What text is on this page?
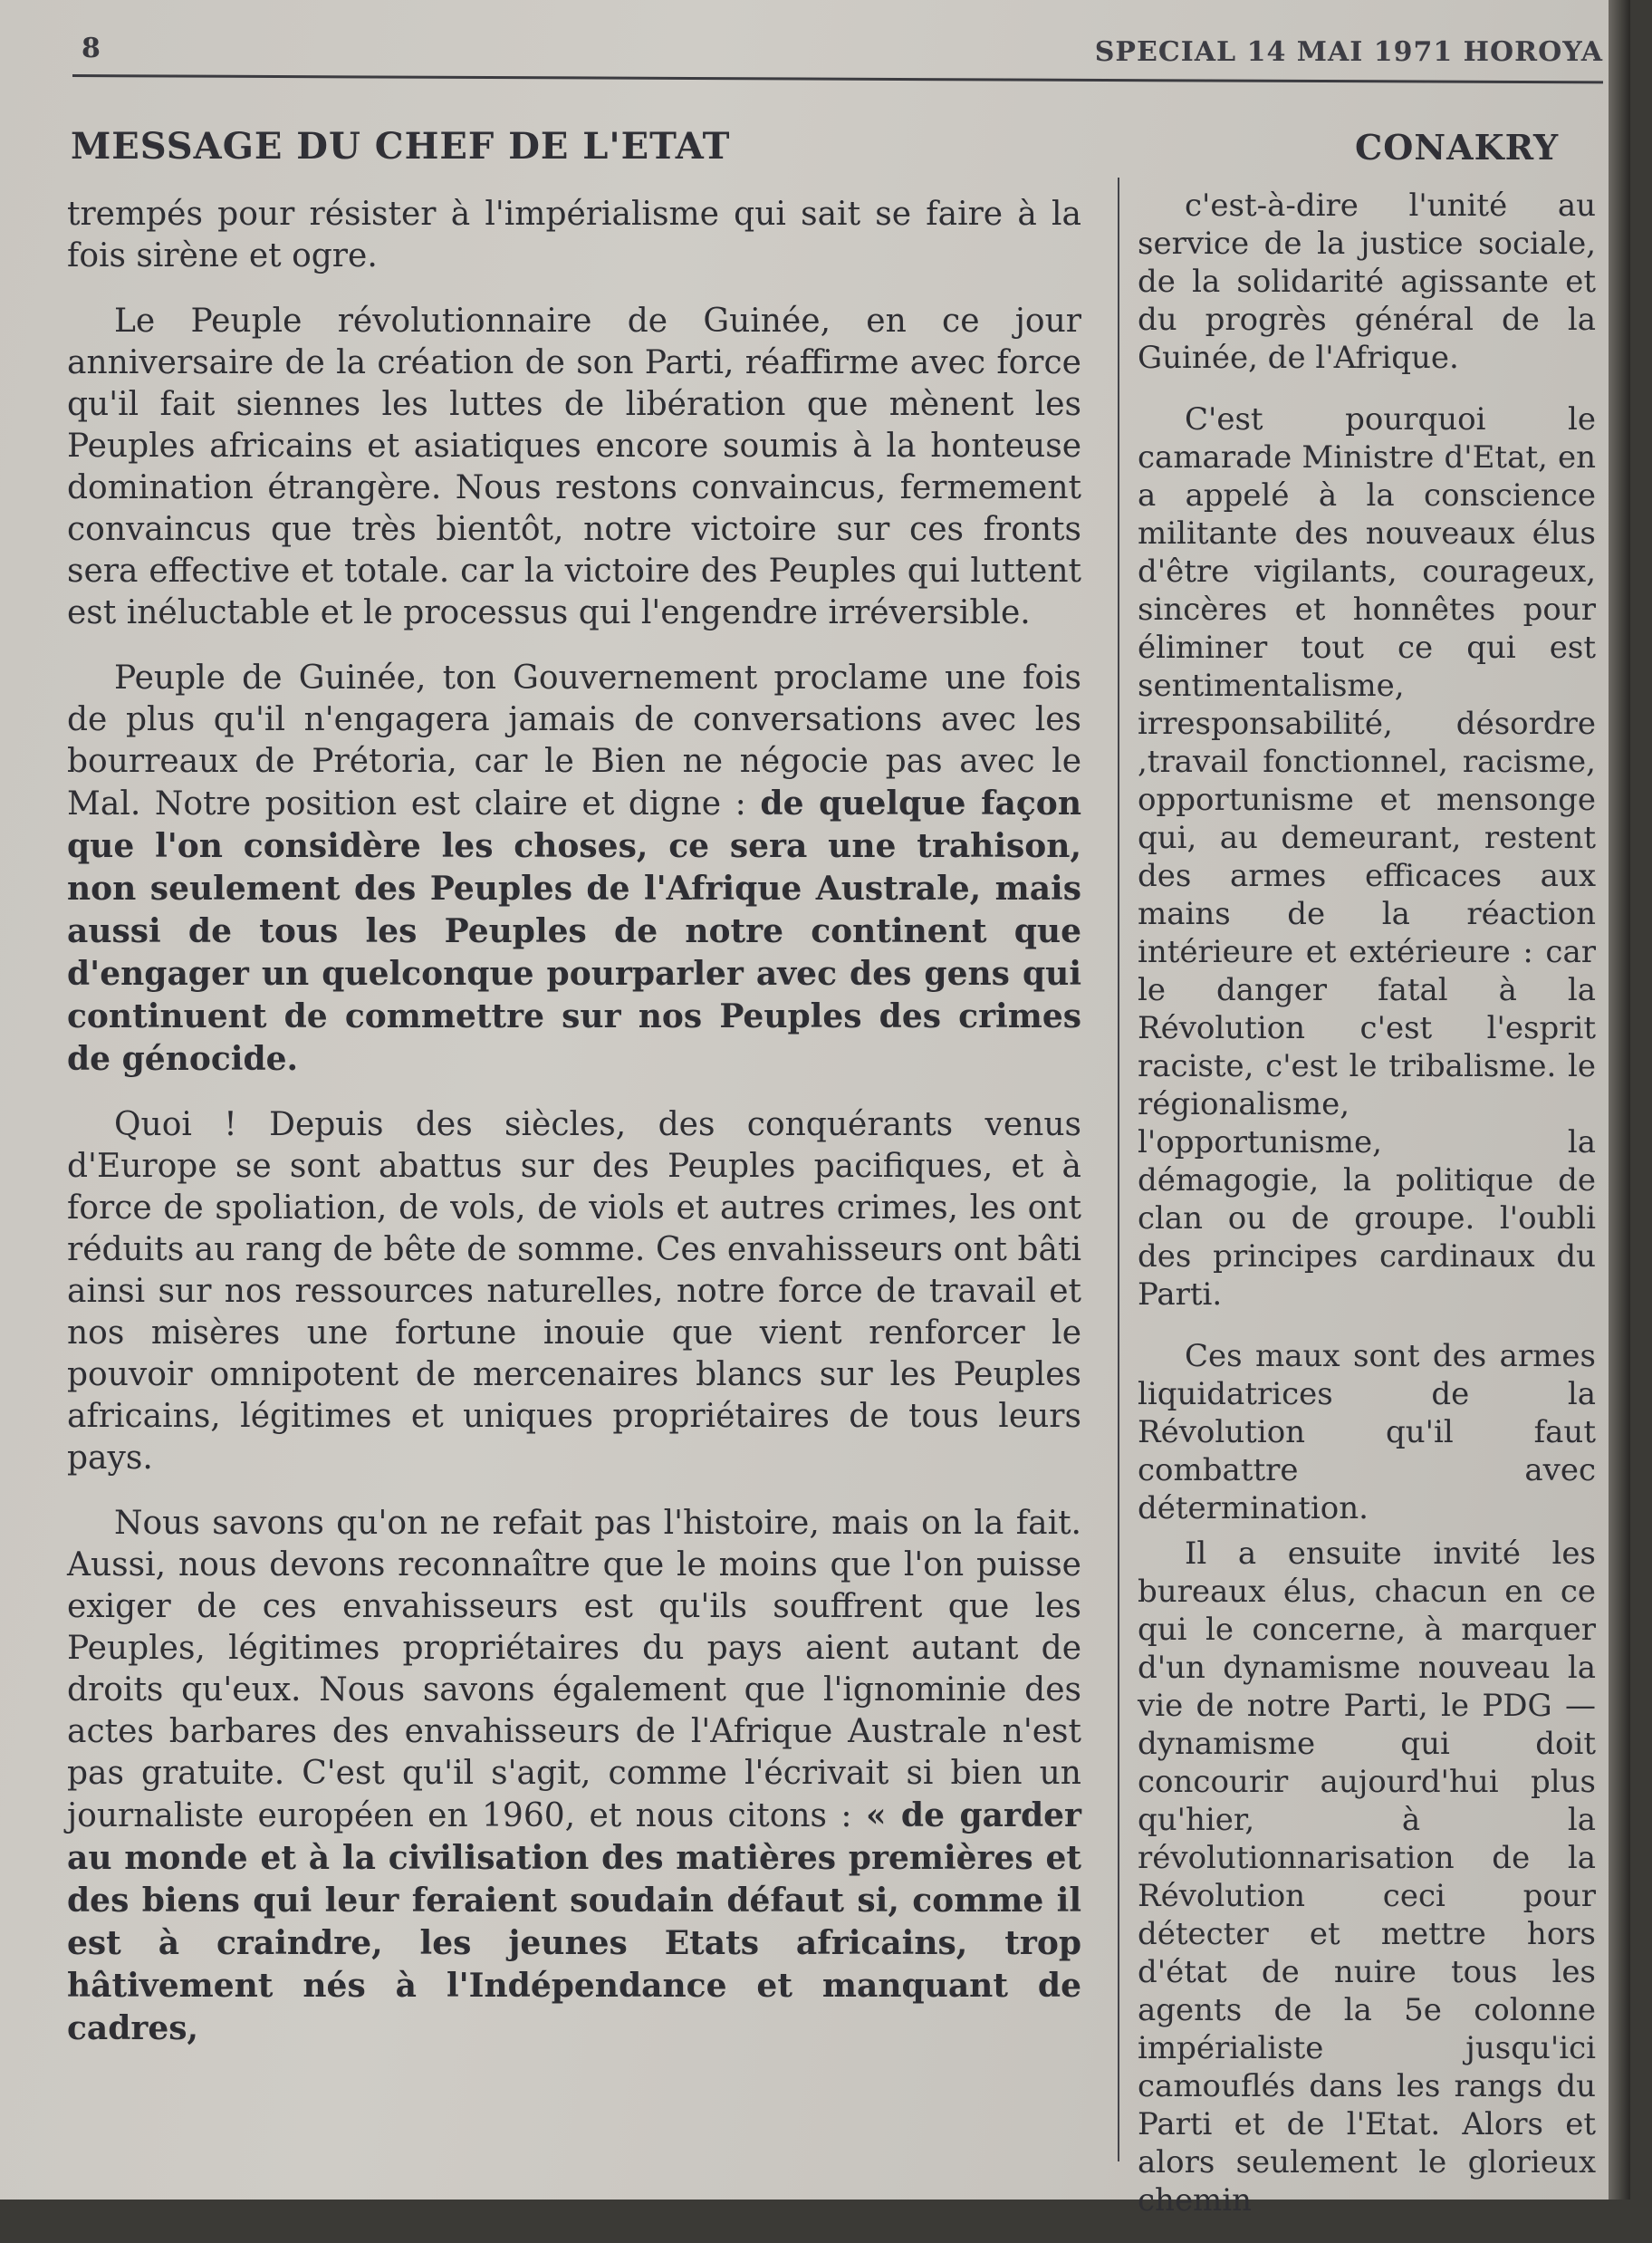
8	SPECIAL 14 MAI 1971 HOROYA
MESSAGE DU CHEF DE L'ETAT	CONAKRY

trempés pour résister à l'impérialisme qui sait se faire à la fois sirène et ogre.

Le Peuple révolutionnaire de Guinée, en ce jour anniversaire de la création de son Parti, réaffirme avec force qu'il fait siennes les luttes de libération que mènent les Peuples africains et asiatiques encore soumis à la honteuse domination étrangère. Nous restons convaincus, fermement convaincus que très bientôt, notre victoire sur ces fronts sera effective et totale. car la victoire des Peuples qui luttent est inéluctable et le processus qui l'engendre irréversible.

Peuple de Guinée, ton Gouvernement proclame une fois de plus qu'il n'engagera jamais de conversations avec les bourreaux de Prétoria, car le Bien ne négocie pas avec le Mal. Notre position est claire et digne : de quelque façon que l'on considère les choses, ce sera une trahison, non seulement des Peuples de l'Afrique Australe, mais aussi de tous les Peuples de notre continent que d'engager un quelconque pourparler avec des gens qui continuent de commettre sur nos Peuples des crimes de génocide.

Quoi ! Depuis des siècles, des conquérants venus d'Europe se sont abattus sur des Peuples pacifiques, et à force de spoliation, de vols, de viols et autres crimes, les ont réduits au rang de bête de somme. Ces envahisseurs ont bâti ainsi sur nos ressources naturelles, notre force de travail et nos misères une fortune inouie que vient renforcer le pouvoir omnipotent de mercenaires blancs sur les Peuples africains, légitimes et uniques propriétaires de tous leurs pays.

Nous savons qu'on ne refait pas l'histoire, mais on la fait. Aussi, nous devons reconnaître que le moins que l'on puisse exiger de ces envahisseurs est qu'ils souffrent que les Peuples, légitimes propriétaires du pays aient autant de droits qu'eux. Nous savons également que l'ignominie des actes barbares des envahisseurs de l'Afrique Australe n'est pas gratuite. C'est qu'il s'agit, comme l'écrivait si bien un journaliste européen en 1960, et nous citons : « de garder au monde et à la civilisation des matières premières et des biens qui leur feraient soudain défaut si, comme il est à craindre, les jeunes Etats africains, trop hâtivement nés à l'Indépendance et manquant de cadres,

c'est-à-dire l'unité au service de la justice sociale, de la solidarité agissante et du progrès général de la Guinée, de l'Afrique.

C'est pourquoi le camarade Ministre d'Etat, en a appelé à la conscience militante des nouveaux élus d'être vigilants, courageux, sincères et honnêtes pour éliminer tout ce qui est sentimentalisme, irresponsabilité, désordre ,travail fonctionnel, racisme, opportunisme et mensonge qui, au demeurant, restent des armes efficaces aux mains de la réaction intérieure et extérieure : car le danger fatal à la Révolution c'est l'esprit raciste, c'est le tribalisme. le régionalisme, l'opportunisme, la démagogie, la politique de clan ou de groupe. l'oubli des principes cardinaux du Parti.

Ces maux sont des armes liquidatrices de la Révolution qu'il faut combattre avec détermination.

Il a ensuite invité les bureaux élus, chacun en ce qui le concerne, à marquer d'un dynamisme nouveau la vie de notre Parti, le PDG — dynamisme qui doit concourir aujourd'hui plus qu'hier, à la révolutionnarisation de la Révolution ceci pour détecter et mettre hors d'état de nuire tous les agents de la 5e colonne impérialiste jusqu'ici camouflés dans les rangs du Parti et de l'Etat. Alors et alors seulement le glorieux chemin
